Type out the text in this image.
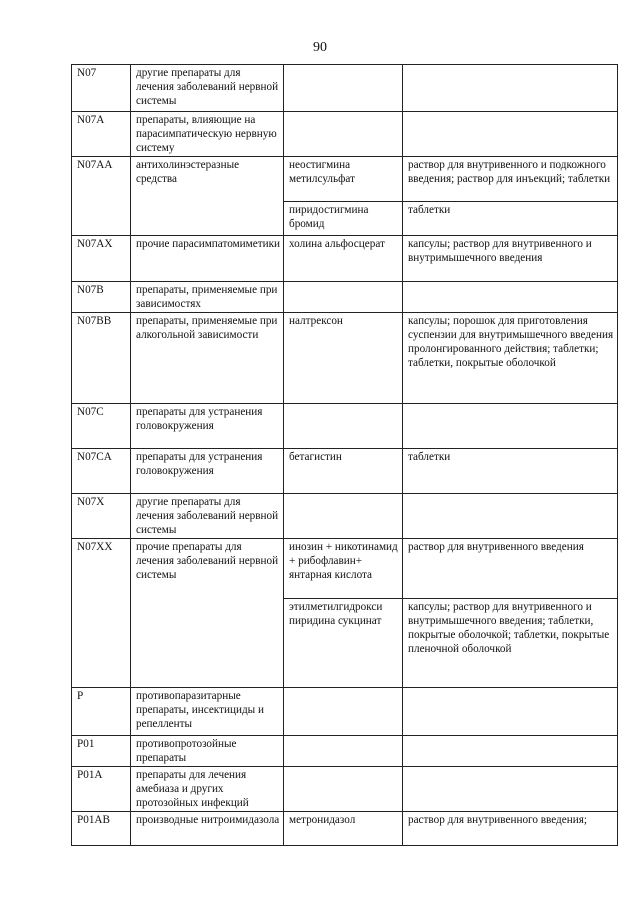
90
N07	другие препараты для лечения заболеваний нервной системы		
N07A	препараты, влияющие на парасимпатическую нервную систему		
N07AA	антихолинэстеразные средства	неостигмина метилсульфат	раствор для внутривенного и подкожного введения; раствор для инъекций; таблетки
		пиридостигмина бромид	таблетки
N07AX	прочие парасимпатомиметики	холина альфосцерат	капсулы; раствор для внутривенного и внутримышечного введения
N07B	препараты, применяемые при зависимостях		
N07BB	препараты, применяемые при алкогольной зависимости	налтрексон	капсулы; порошок для приготовления суспензии для внутримышечного введения пролонгированного действия; таблетки; таблетки, покрытые оболочкой
N07C	препараты для устранения головокружения		
N07CA	препараты для устранения головокружения	бетагистин	таблетки
N07X	другие препараты для лечения заболеваний нервной системы		
N07XX	прочие препараты для лечения заболеваний нервной системы	инозин + никотинамид + рибофлавин+ янтарная кислота	раствор для внутривенного введения
		этилметилгидрокси пиридина сукцинат	капсулы; раствор для внутривенного и внутримышечного введения; таблетки, покрытые оболочкой; таблетки, покрытые пленочной оболочкой
P	противопаразитарные препараты, инсектициды и репелленты		
P01	противопротозойные препараты		
P01A	препараты для лечения амебиаза и других протозойных инфекций		
P01AB	производные нитроимидазола	метронидазол	раствор для внутривенного введения;
